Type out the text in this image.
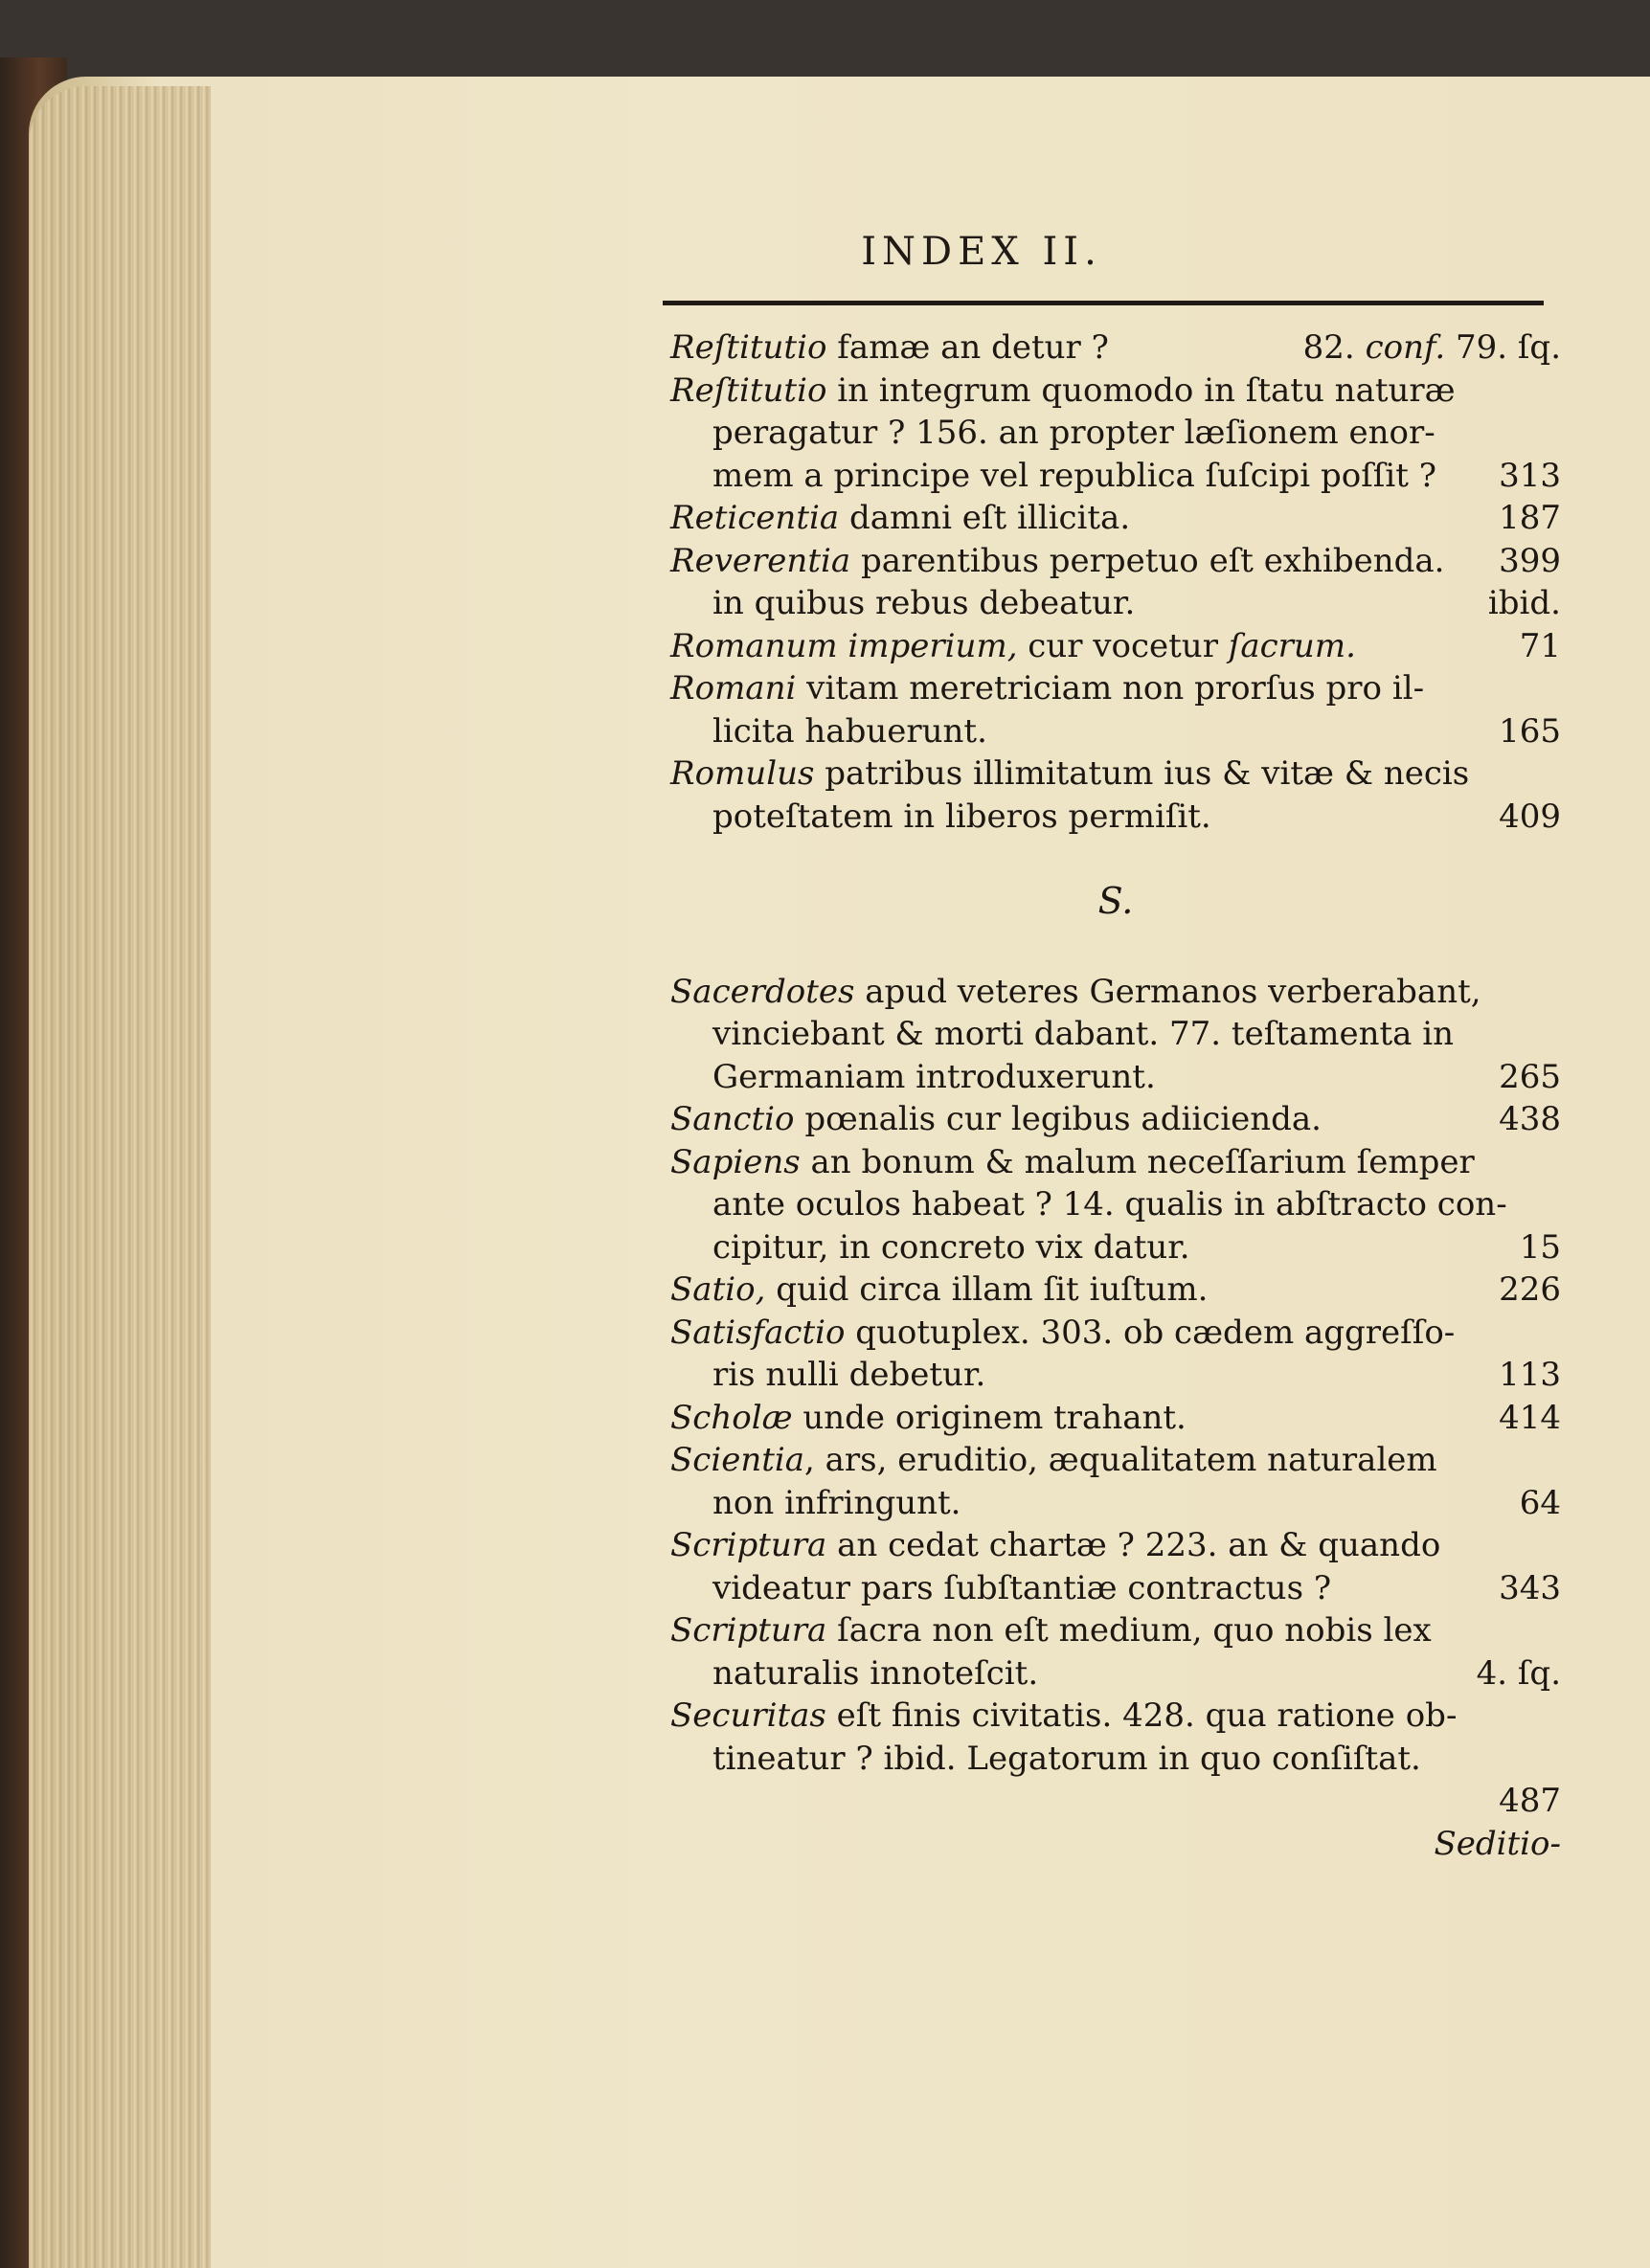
INDEX II.
Reſtitutio famæ an detur ?	82. conf. 79. ſq.
Reſtitutio in integrum quomodo in ſtatu naturæ
peragatur ? 156. an propter læſionem enor-
mem a principe vel republica ſuſcipi poſſit ? 313
Reticentia damni eſt illicita.	187
Reverentia parentibus perpetuo eſt exhibenda. 399
in quibus rebus debeatur.	ibid.
Romanum imperium, cur vocetur ſacrum.	71
Romani vitam meretriciam non prorſus pro il-
licita habuerunt.	165
Romulus patribus illimitatum ius & vitæ & necis
poteſtatem in liberos permiſit.	409
S.
Sacerdotes apud veteres Germanos verberabant,
vinciebant & morti dabant. 77. teſtamenta in
Germaniam introduxerunt.	265
Sanctio pœnalis cur legibus adiicienda.	438
Sapiens an bonum & malum neceſſarium ſemper
ante oculos habeat ? 14. qualis in abſtracto con-
cipitur, in concreto vix datur.	15
Satio, quid circa illam ſit iuſtum.	226
Satisfactio quotuplex. 303. ob cædem aggreſſo-
ris nulli debetur.	113
Scholæ unde originem trahant.	414
Scientia, ars, eruditio, æqualitatem naturalem
non infringunt.	64
Scriptura an cedat chartæ ? 223. an & quando
videatur pars ſubſtantiæ contractus ?	343
Scriptura ſacra non eſt medium, quo nobis lex
naturalis innoteſcit.	4. ſq.
Securitas eſt finis civitatis. 428. qua ratione ob-
tineatur ? ibid. Legatorum in quo conſiſtat.
487
Seditio-
